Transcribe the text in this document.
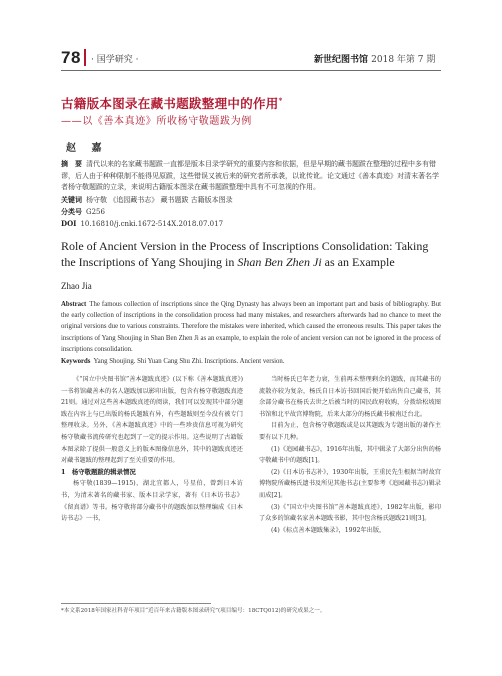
78 · 国学研究 ·	新世纪图书馆 2018 年第 7 期
古籍版本图录在藏书题跋整理中的作用*
——以《善本真迹》所收杨守敬题跋为例
赵 嘉
摘　要 清代以来的名家藏书题跋一直都是版本目录学研究的重要内容和依据，但是早期的藏书题跋在整理的过程中多有错谬，后人由于种种限制不能得见原跋，这些错误又被后来的研究者所承袭，以讹传讹。论文通过《善本真迹》对清末著名学者杨守敬题跋的立录，来说明古籍版本图录在藏书题跋整理中具有不可忽视的作用。
关键词 杨守敬 《追园藏书志》 藏书题跋 古籍版本图录
分类号 G256
DOI 10.16810/j.cnki.1672-514X.2018.07.017
Role of Ancient Version in the Process of Inscriptions Consolidation: Taking the Inscriptions of Yang Shoujing in Shan Ben Zhen Ji as an Example
Zhao Jia
Abstract The famous collection of inscriptions since the Qing Dynasty has always been an important part and basis of bibliography. But the early collection of inscriptions in the consolidation process had many mistakes, and researchers afterwards had no chance to meet the original versions due to various constraints. Therefore the mistakes were inherited, which caused the erroneous results. This paper takes the inscriptions of Yang Shoujing in Shan Ben Zhen Ji as an example, to explain the role of ancient version can not be ignored in the process of inscriptions consolidation.
Keywords Yang Shoujing. Shi Yuan Cang Shu Zhi. Inscriptions. Ancient version.

《“国立中央图书馆”善本题跋真迹》(以下称《善本题跋真迹》)一书将馆藏善本的名人题跋加以影印出版，包含有杨守敬题跋真迹21则。通过对这些善本题跋真迹的阅读，我们可以发现其中部分题跋在内容上与已出版的杨氏题跋有异，有些题跋则至今没有被专门整理收录。另外，《善本题跋真迹》中的一些珍贵信息可视为研究杨守敬藏书流传研究也起到了一定的提示作用。这些说明了古籍版本图录除了提供一般意义上的版本图像信息外，其中的题跋真迹还对藏书题跋的整理起到了至关重要的作用。

1　杨守敬题跋的辑录情况

杨守敬(1839—1915)，湖北宜都人，号星伯，曾到日本访书，为清末著名的藏书家、版本目录学家，著有《日本访书志》《留真谱》等书。杨守敬将部分藏书中的题跋加以整理编成《日本访书志》一书，

当时杨氏已年老力衰，生前再未整理剩余的题跋，而其藏书的流散亦较为复杂，杨氏自日本访书回国后便开始出售自己藏书，其余部分藏书在杨氏去世之后被当时的国民政府收购，分拨给松坡图书馆和北平故宫博物院，后来大部分的杨氏藏书被南迁台北。

目前为止，包含杨守敬题跋或是以其题跋为专题出版的著作主要有以下几种。

(1)《追园藏书志》，1916年出版，其中辑录了大部分出售的杨守敬藏书中的题跋[1]。

(2)《日本访书志补》，1930年出版，王重民先生根据当时故宫博物院所藏杨氏遗书及所见其他书志(主要参考《追园藏书志》)辑录而成[2]。

(3)《“国立中央图书馆”善本题跋真迹》，1982年出版，影印了众多的馆藏名家善本题跋书影，其中包含杨氏题跋21则[3]。

(4)《标点善本题跋集录》，1992年出版，

*本文系2018年国家社科青年项目“近百年来古籍版本图录研究”(项目编号：18CTQ012)的研究成果之一。
